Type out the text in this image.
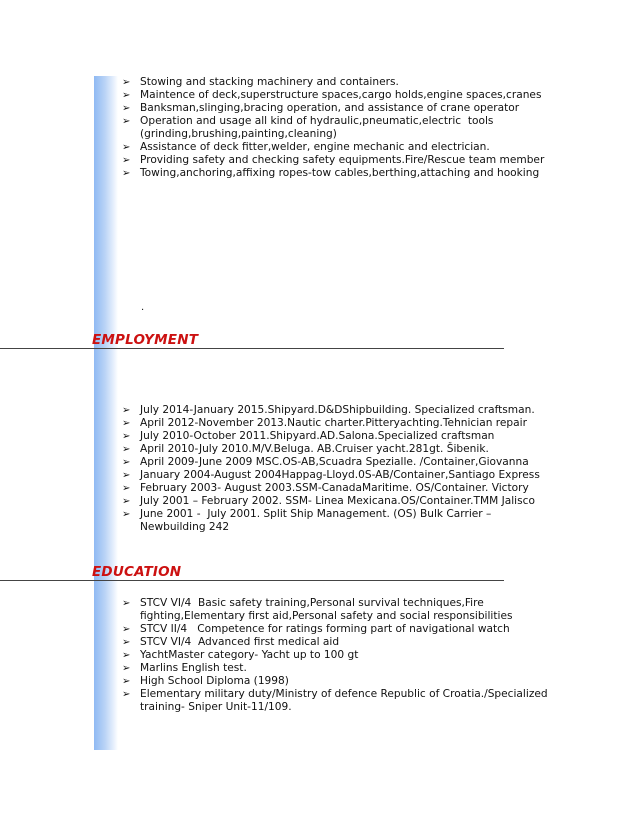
➢ Stowing and stacking machinery and containers.
➢ Maintence of deck,superstructure spaces,cargo holds,engine spaces,cranes
➢ Banksman,slinging,bracing operation, and assistance of crane operator
➢ Operation and usage all kind of hydraulic,pneumatic,electric  tools
(grinding,brushing,painting,cleaning)
➢ Assistance of deck fitter,welder, engine mechanic and electrician.
➢ Providing safety and checking safety equipments.Fire/Rescue team member
➢ Towing,anchoring,affixing ropes-tow cables,berthing,attaching and hooking
.
EMPLOYMENT
➢ July 2014-January 2015.Shipyard.D&DShipbuilding. Specialized craftsman.
➢ April 2012-November 2013.Nautic charter.Pitteryachting.Tehnician repair
➢ July 2010-October 2011.Shipyard.AD.Salona.Specialized craftsman
➢ April 2010-July 2010.M/V.Beluga. AB.Cruiser yacht.281gt. Šibenik.
➢ April 2009-June 2009 MSC.OS-AB,Scuadra Spezialle. /Container,Giovanna
➢ January 2004-August 2004Happag-Lloyd.0S-AB/Container,Santiago Express
➢ February 2003- August 2003.SSM-CanadaMaritime. OS/Container. Victory
➢ July 2001 – February 2002. SSM- Linea Mexicana.OS/Container.TMM Jalisco
➢ June 2001 -  July 2001. Split Ship Management. (OS) Bulk Carrier –
Newbuilding 242
EDUCATION
➢ STCV VI/4  Basic safety training,Personal survival techniques,Fire
fighting,Elementary first aid,Personal safety and social responsibilities
➢ STCV II/4   Competence for ratings forming part of navigational watch
➢ STCV VI/4  Advanced first medical aid
➢ YachtMaster category- Yacht up to 100 gt
➢ Marlins English test.
➢ High School Diploma (1998)
➢ Elementary military duty/Ministry of defence Republic of Croatia./Specialized
training- Sniper Unit-11/109.
